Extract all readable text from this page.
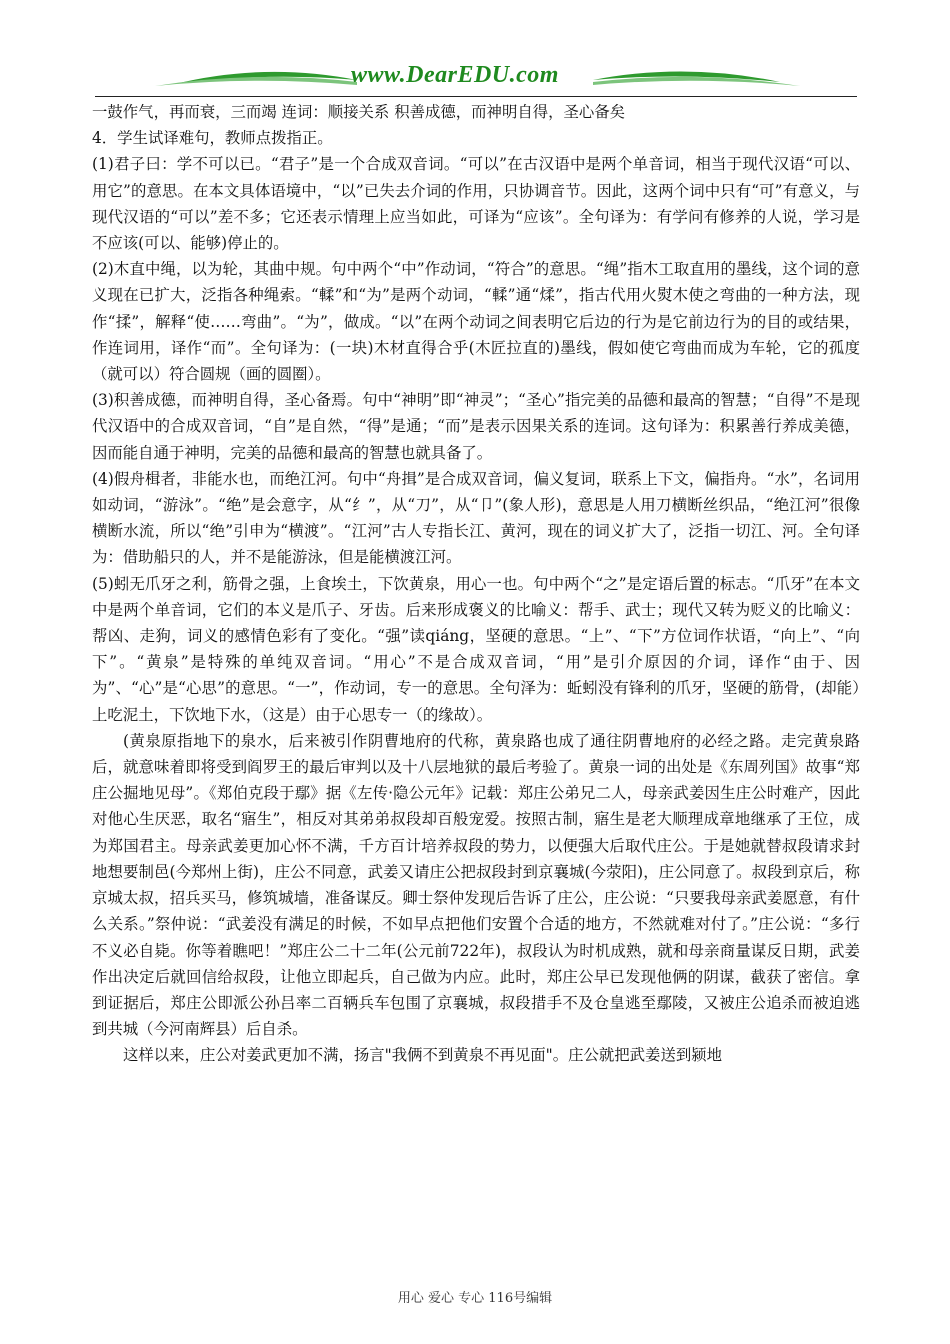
www.DearEDU.com

一鼓作气，再而衰，三而竭 连词：顺接关系 积善成德，而神明自得，圣心备矣

4．学生试译难句，教师点拨指正。

(1)君子曰：学不可以已。“君子”是一个合成双音词。“可以”在古汉语中是两个单音词，相当于现代汉语“可以、用它”的意思。在本文具体语境中，“以”已失去介词的作用，只协调音节。因此，这两个词中只有“可”有意义，与现代汉语的“可以”差不多；它还表示情理上应当如此，可译为“应该”。全句译为：有学问有修养的人说，学习是不应该(可以、能够)停止的。

(2)木直中绳，以为轮，其曲中规。句中两个“中”作动词，“符合”的意思。“绳”指木工取直用的墨线，这个词的意义现在已扩大，泛指各种绳索。“輮”和“为”是两个动词，“輮”通“煣”，指古代用火熨木使之弯曲的一种方法，现作“揉”，解释“使……弯曲”。“为”，做成。“以”在两个动词之间表明它后边的行为是它前边行为的目的或结果，作连词用，译作“而”。全句译为：(一块)木材直得合乎(木匠拉直的)墨线，假如使它弯曲而成为车轮，它的孤度（就可以）符合圆规（画的圆圈）。

(3)积善成德，而神明自得，圣心备焉。句中“神明”即“神灵”；“圣心”指完美的品德和最高的智慧；“自得”不是现代汉语中的合成双音词，“自”是自然，“得”是通；“而”是表示因果关系的连词。这句译为：积累善行养成美德，因而能自通于神明，完美的品德和最高的智慧也就具备了。

(4)假舟楫者，非能水也，而绝江河。句中“舟揖”是合成双音词，偏义复词，联系上下文，偏指舟。“水”，名词用如动词，“游泳”。“绝”是会意字，从“纟”，从“刀”，从“卩”(象人形)，意思是人用刀横断丝织品，“绝江河”很像横断水流，所以“绝”引申为“横渡”。“江河”古人专指长江、黄河，现在的词义扩大了，泛指一切江、河。全句译为：借助船只的人，并不是能游泳，但是能横渡江河。

(5)蚓无爪牙之利，筋骨之强，上食埃土，下饮黄泉，用心一也。句中两个“之”是定语后置的标志。“爪牙”在本文中是两个单音词，它们的本义是爪子、牙齿。后来形成褒义的比喻义：帮手、武士；现代又转为贬义的比喻义：帮凶、走狗，词义的感情色彩有了变化。“强”读qiáng，坚硬的意思。“上”、“下”方位词作状语，“向上”、“向下”。“黄泉”是特殊的单纯双音词。“用心”不是合成双音词，“用”是引介原因的介词，译作“由于、因为”、“心”是“心思”的意思。“一”，作动词，专一的意思。全句泽为：蚯蚓没有锋利的爪牙，坚硬的筋骨，(却能）上吃泥土，下饮地下水，（这是）由于心思专一（的缘故）。

(黄泉原指地下的泉水，后来被引作阴曹地府的代称，黄泉路也成了通往阴曹地府的必经之路。走完黄泉路后，就意味着即将受到阎罗王的最后审判以及十八层地狱的最后考验了。黄泉一词的出处是《东周列国》故事“郑庄公掘地见母”。《郑伯克段于鄢》据《左传·隐公元年》记载：郑庄公弟兄二人，母亲武姜因生庄公时难产，因此对他心生厌恶，取名“寤生”，相反对其弟弟叔段却百般宠爱。按照古制，寤生是老大顺理成章地继承了王位，成为郑国君主。母亲武姜更加心怀不满，千方百计培养叔段的势力，以便强大后取代庄公。于是她就替叔段请求封地想要制邑(今郑州上街)，庄公不同意，武姜又请庄公把叔段封到京襄城(今荥阳)，庄公同意了。叔段到京后，称京城太叔，招兵买马，修筑城墙，准备谋反。卿士祭仲发现后告诉了庄公，庄公说：“只要我母亲武姜愿意，有什么关系。”祭仲说：“武姜没有满足的时候，不如早点把他们安置个合适的地方，不然就难对付了。”庄公说：“多行不义必自毙。你等着瞧吧！”郑庄公二十二年(公元前722年)，叔段认为时机成熟，就和母亲商量谋反日期，武姜作出决定后就回信给叔段，让他立即起兵，自己做为内应。此时，郑庄公早已发现他俩的阴谋，截获了密信。拿到证据后，郑庄公即派公孙吕率二百辆兵车包围了京襄城，叔段措手不及仓皇逃至鄢陵，又被庄公追杀而被迫逃到共城（今河南辉县）后自杀。

这样以来，庄公对姜武更加不满，扬言"我俩不到黄泉不再见面"。庄公就把武姜送到颍地

用心 爱心 专心 116号编辑
